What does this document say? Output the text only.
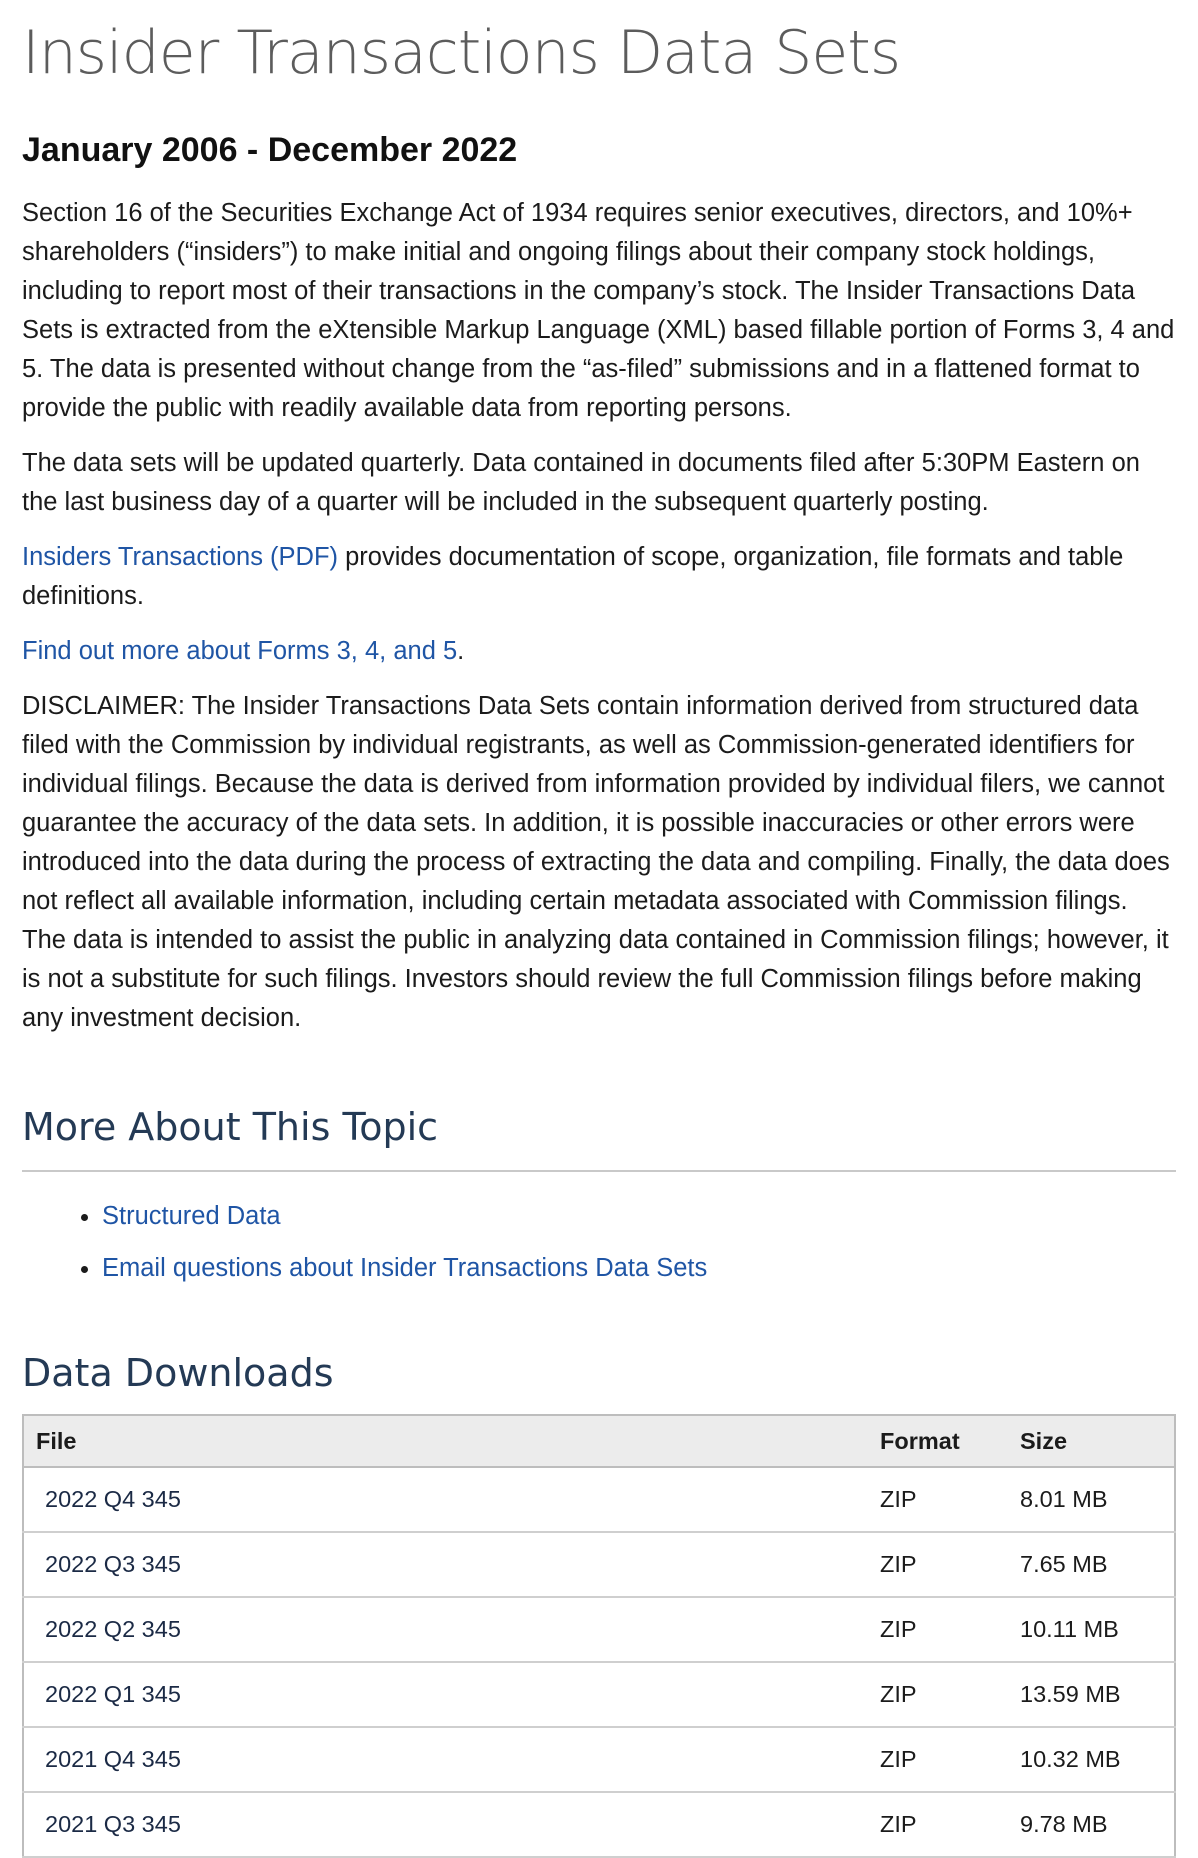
Insider Transactions Data Sets
January 2006 - December 2022

Section 16 of the Securities Exchange Act of 1934 requires senior executives, directors, and 10%+ shareholders (“insiders”) to make initial and ongoing filings about their company stock holdings, including to report most of their transactions in the company’s stock. The Insider Transactions Data Sets is extracted from the eXtensible Markup Language (XML) based fillable portion of Forms 3, 4 and 5. The data is presented without change from the “as-filed” submissions and in a flattened format to provide the public with readily available data from reporting persons.

The data sets will be updated quarterly. Data contained in documents filed after 5:30PM Eastern on the last business day of a quarter will be included in the subsequent quarterly posting.

Insiders Transactions (PDF) provides documentation of scope, organization, file formats and table definitions.

Find out more about Forms 3, 4, and 5.

DISCLAIMER: The Insider Transactions Data Sets contain information derived from structured data filed with the Commission by individual registrants, as well as Commission-generated identifiers for individual filings. Because the data is derived from information provided by individual filers, we cannot guarantee the accuracy of the data sets. In addition, it is possible inaccuracies or other errors were introduced into the data during the process of extracting the data and compiling. Finally, the data does not reflect all available information, including certain metadata associated with Commission filings. The data is intended to assist the public in analyzing data contained in Commission filings; however, it is not a substitute for such filings. Investors should review the full Commission filings before making any investment decision.

More About This Topic
• Structured Data
• Email questions about Insider Transactions Data Sets
Data Downloads
File	Format	Size
2022 Q4 345	ZIP	8.01 MB
2022 Q3 345	ZIP	7.65 MB
2022 Q2 345	ZIP	10.11 MB
2022 Q1 345	ZIP	13.59 MB
2021 Q4 345	ZIP	10.32 MB
2021 Q3 345	ZIP	9.78 MB
